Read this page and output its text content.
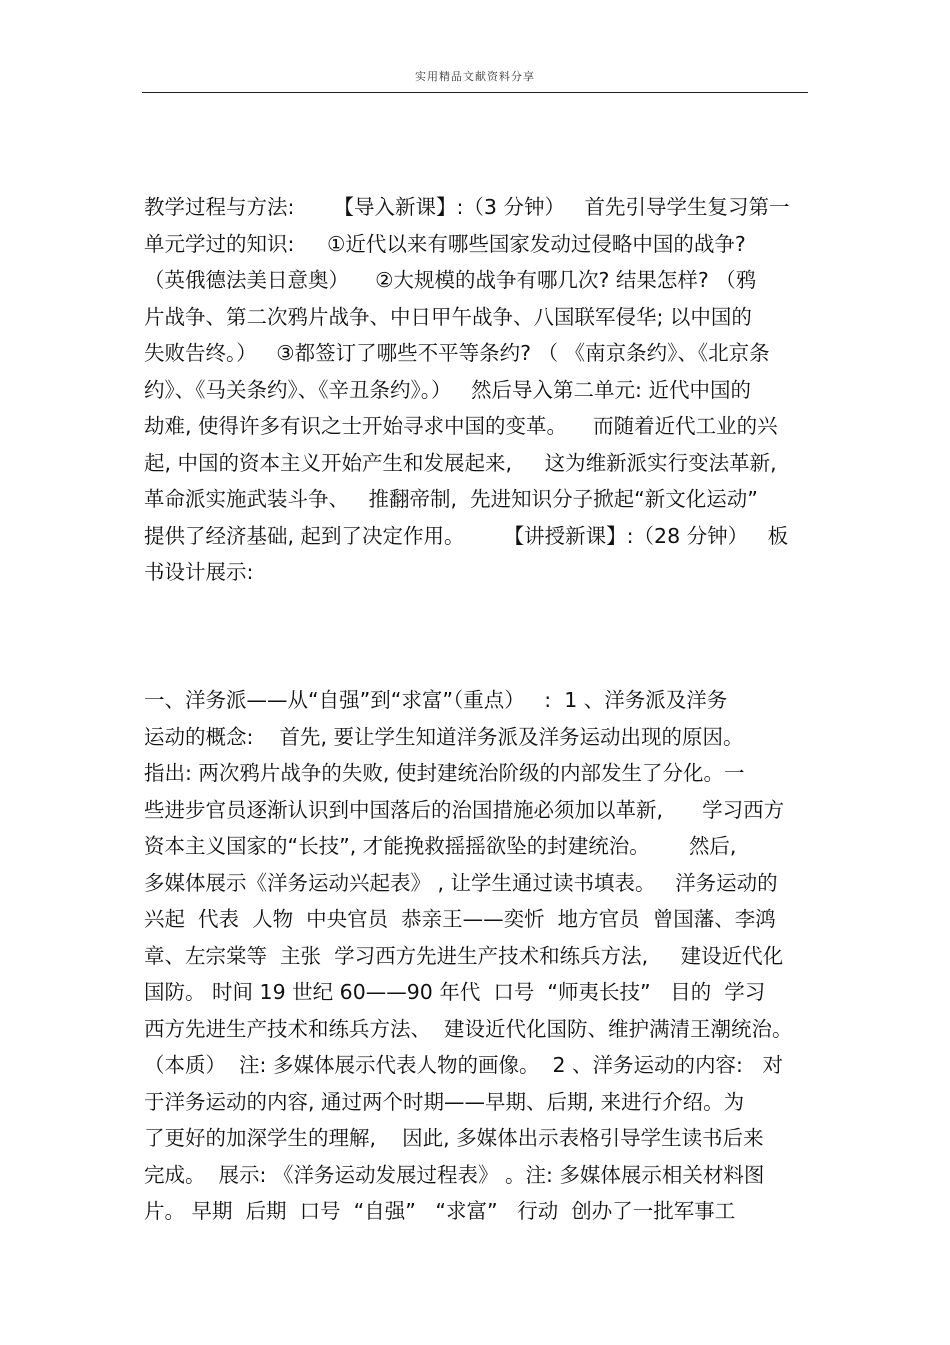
实用精品文献资料分享
教学过程与方法:      【导入新课】:（3 分钟）   首先引导学生复习第一
单元学过的知识:     ①近代以来有哪些国家发动过侵略中国的战争?
（英俄德法美日意奥）    ②大规模的战争有哪几次? 结果怎样? （鸦
片战争、第二次鸦片战争、中日甲午战争、八国联军侵华; 以中国的
失败告终。）   ③都签订了哪些不平等条约? （ 《南京条约》、《北京条
约》、《马关条约》、《辛丑条约》。）   然后导入第二单元: 近代中国的
劫难, 使得许多有识之士开始寻求中国的变革。    而随着近代工业的兴
起, 中国的资本主义开始产生和发展起来,     这为维新派实行变法革新,
革命派实施武装斗争、   推翻帝制,  先进知识分子掀起“新文化运动”
提供了经济基础, 起到了决定作用。      【讲授新课】:（28 分钟）   板
书设计展示:
一、洋务派——从“自强”到“求富”（重点）   :  1 、洋务派及洋务
运动的概念:    首先, 要让学生知道洋务派及洋务运动出现的原因。
指出: 两次鸦片战争的失败, 使封建统治阶级的内部发生了分化。一
些进步官员逐渐认识到中国落后的治国措施必须加以革新,      学习西方
资本主义国家的“长技”, 才能挽救摇摇欲坠的封建统治。      然后,
多媒体展示《洋务运动兴起表》 , 让学生通过读书填表。   洋务运动的
兴起  代表  人物  中央官员  恭亲王——奕忻  地方官员  曾国藩、李鸿
章、左宗棠等  主张  学习西方先进生产技术和练兵方法,     建设近代化
国防。 时间 19 世纪 60——90 年代  口号  “师夷长技”   目的  学习
西方先进生产技术和练兵方法、  建设近代化国防、维护满清王潮统治。
（本质）  注: 多媒体展示代表人物的画像。  2 、洋务运动的内容:   对
于洋务运动的内容, 通过两个时期——早期、后期, 来进行介绍。为
了更好的加深学生的理解,    因此, 多媒体出示表格引导学生读书后来
完成。  展示: 《洋务运动发展过程表》 。注: 多媒体展示相关材料图
片。 早期  后期  口号  “自强”   “求富”   行动  创办了一批军事工
